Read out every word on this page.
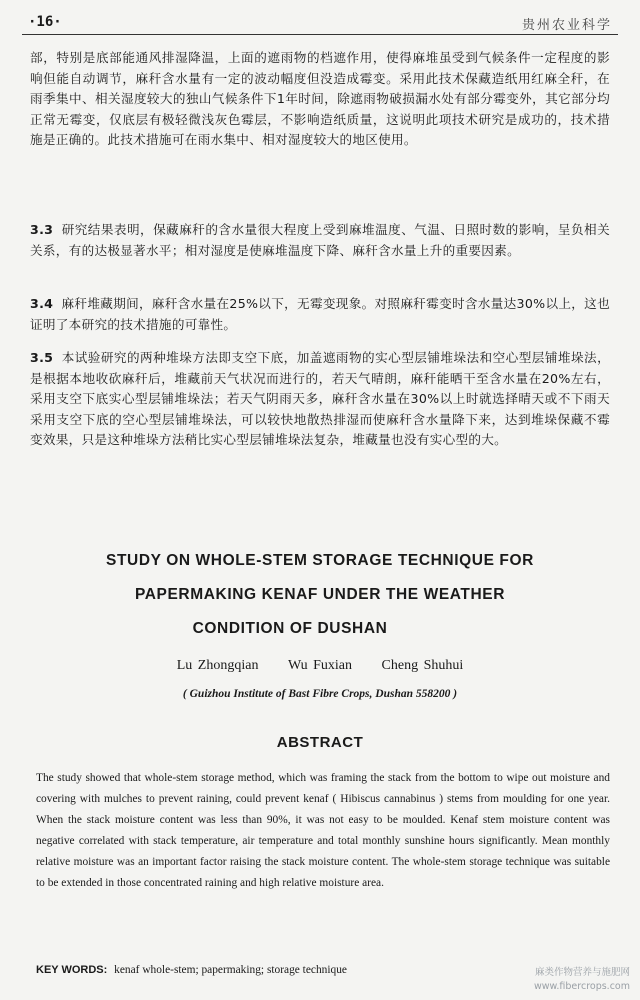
·16·	贵州农业科学

部，特别是底部能通风排湿降温，上面的遮雨物的档遮作用，使得麻堆虽受到气候条件一定程度的影响但能自动调节，麻秆含水量有一定的波动幅度但没造成霉变。采用此技术保藏造纸用红麻全秆，在雨季集中、相关湿度较大的独山气候条件下1年时间，除遮雨物破损漏水处有部分霉变外，其它部分均正常无霉变，仅底层有极轻微浅灰色霉层，不影响造纸质量，这说明此项技术研究是成功的，技术措施是正确的。此技术措施可在雨水集中、相对湿度较大的地区使用。

3.3 研究结果表明，保藏麻秆的含水量很大程度上受到麻堆温度、气温、日照时数的影响，呈负相关关系，有的达极显著水平；相对湿度是使麻堆温度下降、麻秆含水量上升的重要因素。

3.4 麻秆堆藏期间，麻秆含水量在25%以下，无霉变现象。对照麻秆霉变时含水量达30%以上，这也证明了本研究的技术措施的可靠性。

3.5 本试验研究的两种堆垛方法即支空下底，加盖遮雨物的实心型层铺堆垛法和空心型层铺堆垛法，是根据本地收砍麻秆后，堆藏前天气状况而进行的，若天气晴朗，麻秆能晒干至含水量在20%左右，采用支空下底实心型层铺堆垛法；若天气阴雨天多，麻秆含水量在30%以上时就选择晴天或不下雨天采用支空下底的空心型层铺堆垛法，可以较快地散热排湿而使麻秆含水量降下来，达到堆垛保藏不霉变效果，只是这种堆垛方法稍比实心型层铺堆垛法复杂，堆藏量也没有实心型的大。

STUDY ON WHOLE-STEM STORAGE TECHNIQUE FOR
PAPERMAKING KENAF UNDER THE WEATHER
CONDITION OF DUSHAN
Lu Zhongqian Wu Fuxian Cheng Shuhui
( Guizhou Institute of Bast Fibre Crops, Dushan 558200 )
ABSTRACT

The study showed that whole-stem storage method, which was framing the stack from the bottom to wipe out moisture and covering with mulches to prevent raining, could prevent kenaf ( Hibiscus cannabinus ) stems from moulding for one year. When the stack moisture content was less than 90%, it was not easy to be moulded. Kenaf stem moisture content was negative correlated with stack temperature, air temperature and total monthly sunshine hours significantly. Mean monthly relative moisture was an important factor raising the stack moisture content. The whole-stem storage technique was suitable to be extended in those concentrated raining and high relative moisture area.

KEY WORDS: kenaf whole-stem; papermaking; storage technique	麻类作物营养与施肥网
www.fibercrops.com
